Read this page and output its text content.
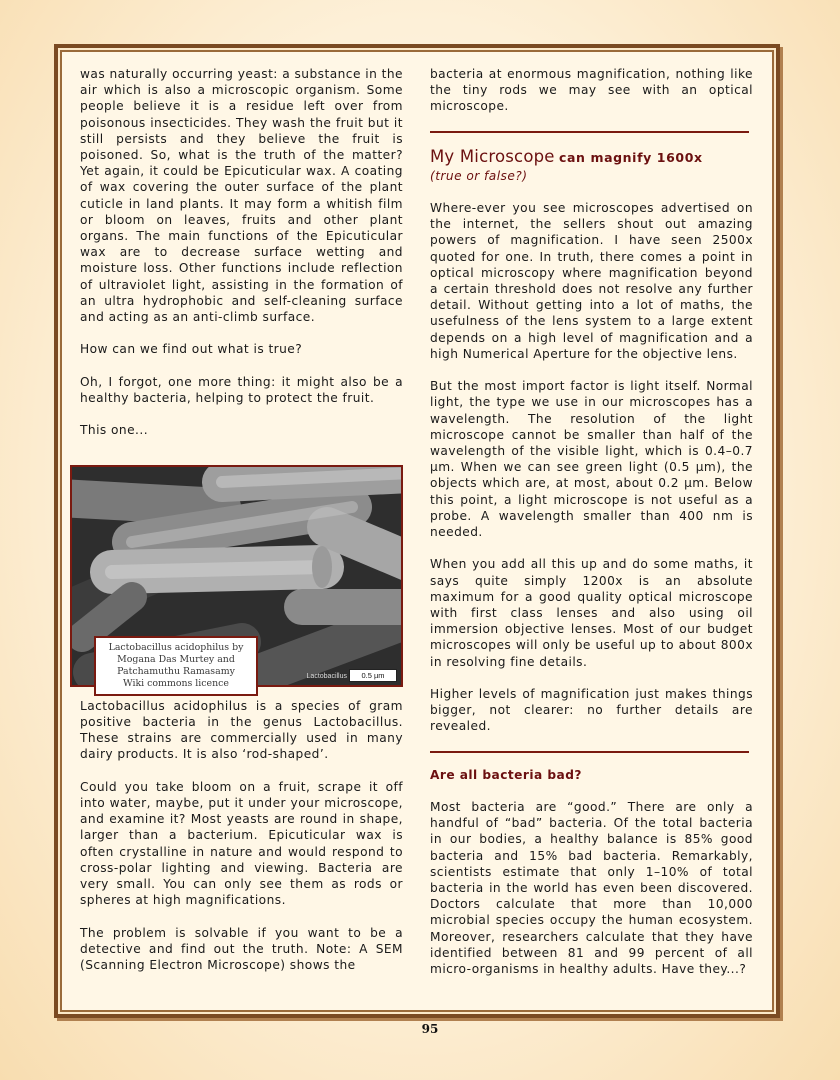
was naturally occurring yeast: a substance in the air which is also a microscopic organism. Some people believe it is a residue left over from poisonous insecticides. They wash the fruit but it still persists and they believe the fruit is poisoned. So, what is the truth of the matter? Yet again, it could be Epicuticular wax. A coating of wax covering the outer surface of the plant cuticle in land plants. It may form a whitish film or bloom on leaves, fruits and other plant organs. The main functions of the Epicuticular wax are to decrease surface wetting and moisture loss. Other functions include reflection of ultraviolet light, assisting in the formation of an ultra hydrophobic and self-cleaning surface and acting as an anti-climb surface.

How can we find out what is true?

Oh, I forgot, one more thing: it might also be a healthy bacteria, helping to protect the fruit.

This one...

Lactobacillus acidophilus is a species of gram positive bacteria in the genus Lactobacillus. These strains are commercially used in many dairy products. It is also ‘rod-shaped’.

Could you take bloom on a fruit, scrape it off into water, maybe, put it under your microscope, and examine it? Most yeasts are round in shape, larger than a bacterium. Epicuticular wax is often crystalline in nature and would respond to cross-polar lighting and viewing. Bacteria are very small. You can only see them as rods or spheres at high magnifications.

The problem is solvable if you want to be a detective and find out the truth. Note: A SEM (Scanning Electron Microscope) shows the

Lactobacillus	0.5 µm
Lactobacillus acidophilus by
Mogana Das Murtey and
Patchamuthu Ramasamy
Wiki commons licence

bacteria at enormous magnification, nothing like the tiny rods we may see with an optical microscope.

My Microscope can magnify 1600x
(true or false?)

Where-ever you see microscopes advertised on the internet, the sellers shout out amazing powers of magnification. I have seen 2500x quoted for one. In truth, there comes a point in optical microscopy where magnification beyond a certain threshold does not resolve any further detail. Without getting into a lot of maths, the usefulness of the lens system to a large extent depends on a high level of magnification and a high Numerical Aperture for the objective lens.

But the most import factor is light itself. Normal light, the type we use in our microscopes has a wavelength. The resolution of the light microscope cannot be smaller than half of the wavelength of the visible light, which is 0.4–0.7 µm. When we can see green light (0.5 µm), the objects which are, at most, about 0.2 µm. Below this point, a light microscope is not useful as a probe. A wavelength smaller than 400 nm is needed.

When you add all this up and do some maths, it says quite simply 1200x is an absolute maximum for a good quality optical microscope with first class lenses and also using oil immersion objective lenses. Most of our budget microscopes will only be useful up to about 800x in resolving fine details.

Higher levels of magnification just makes things bigger, not clearer: no further details are revealed.

Are all bacteria bad?

Most bacteria are “good.” There are only a handful of “bad” bacteria. Of the total bacteria in our bodies, a healthy balance is 85% good bacteria and 15% bad bacteria. Remarkably, scientists estimate that only 1–10% of total bacteria in the world has even been discovered. Doctors calculate that more than 10,000 microbial species occupy the human ecosystem. Moreover, researchers calculate that they have identified between 81 and 99 percent of all micro-organisms in healthy adults. Have they...?

95
